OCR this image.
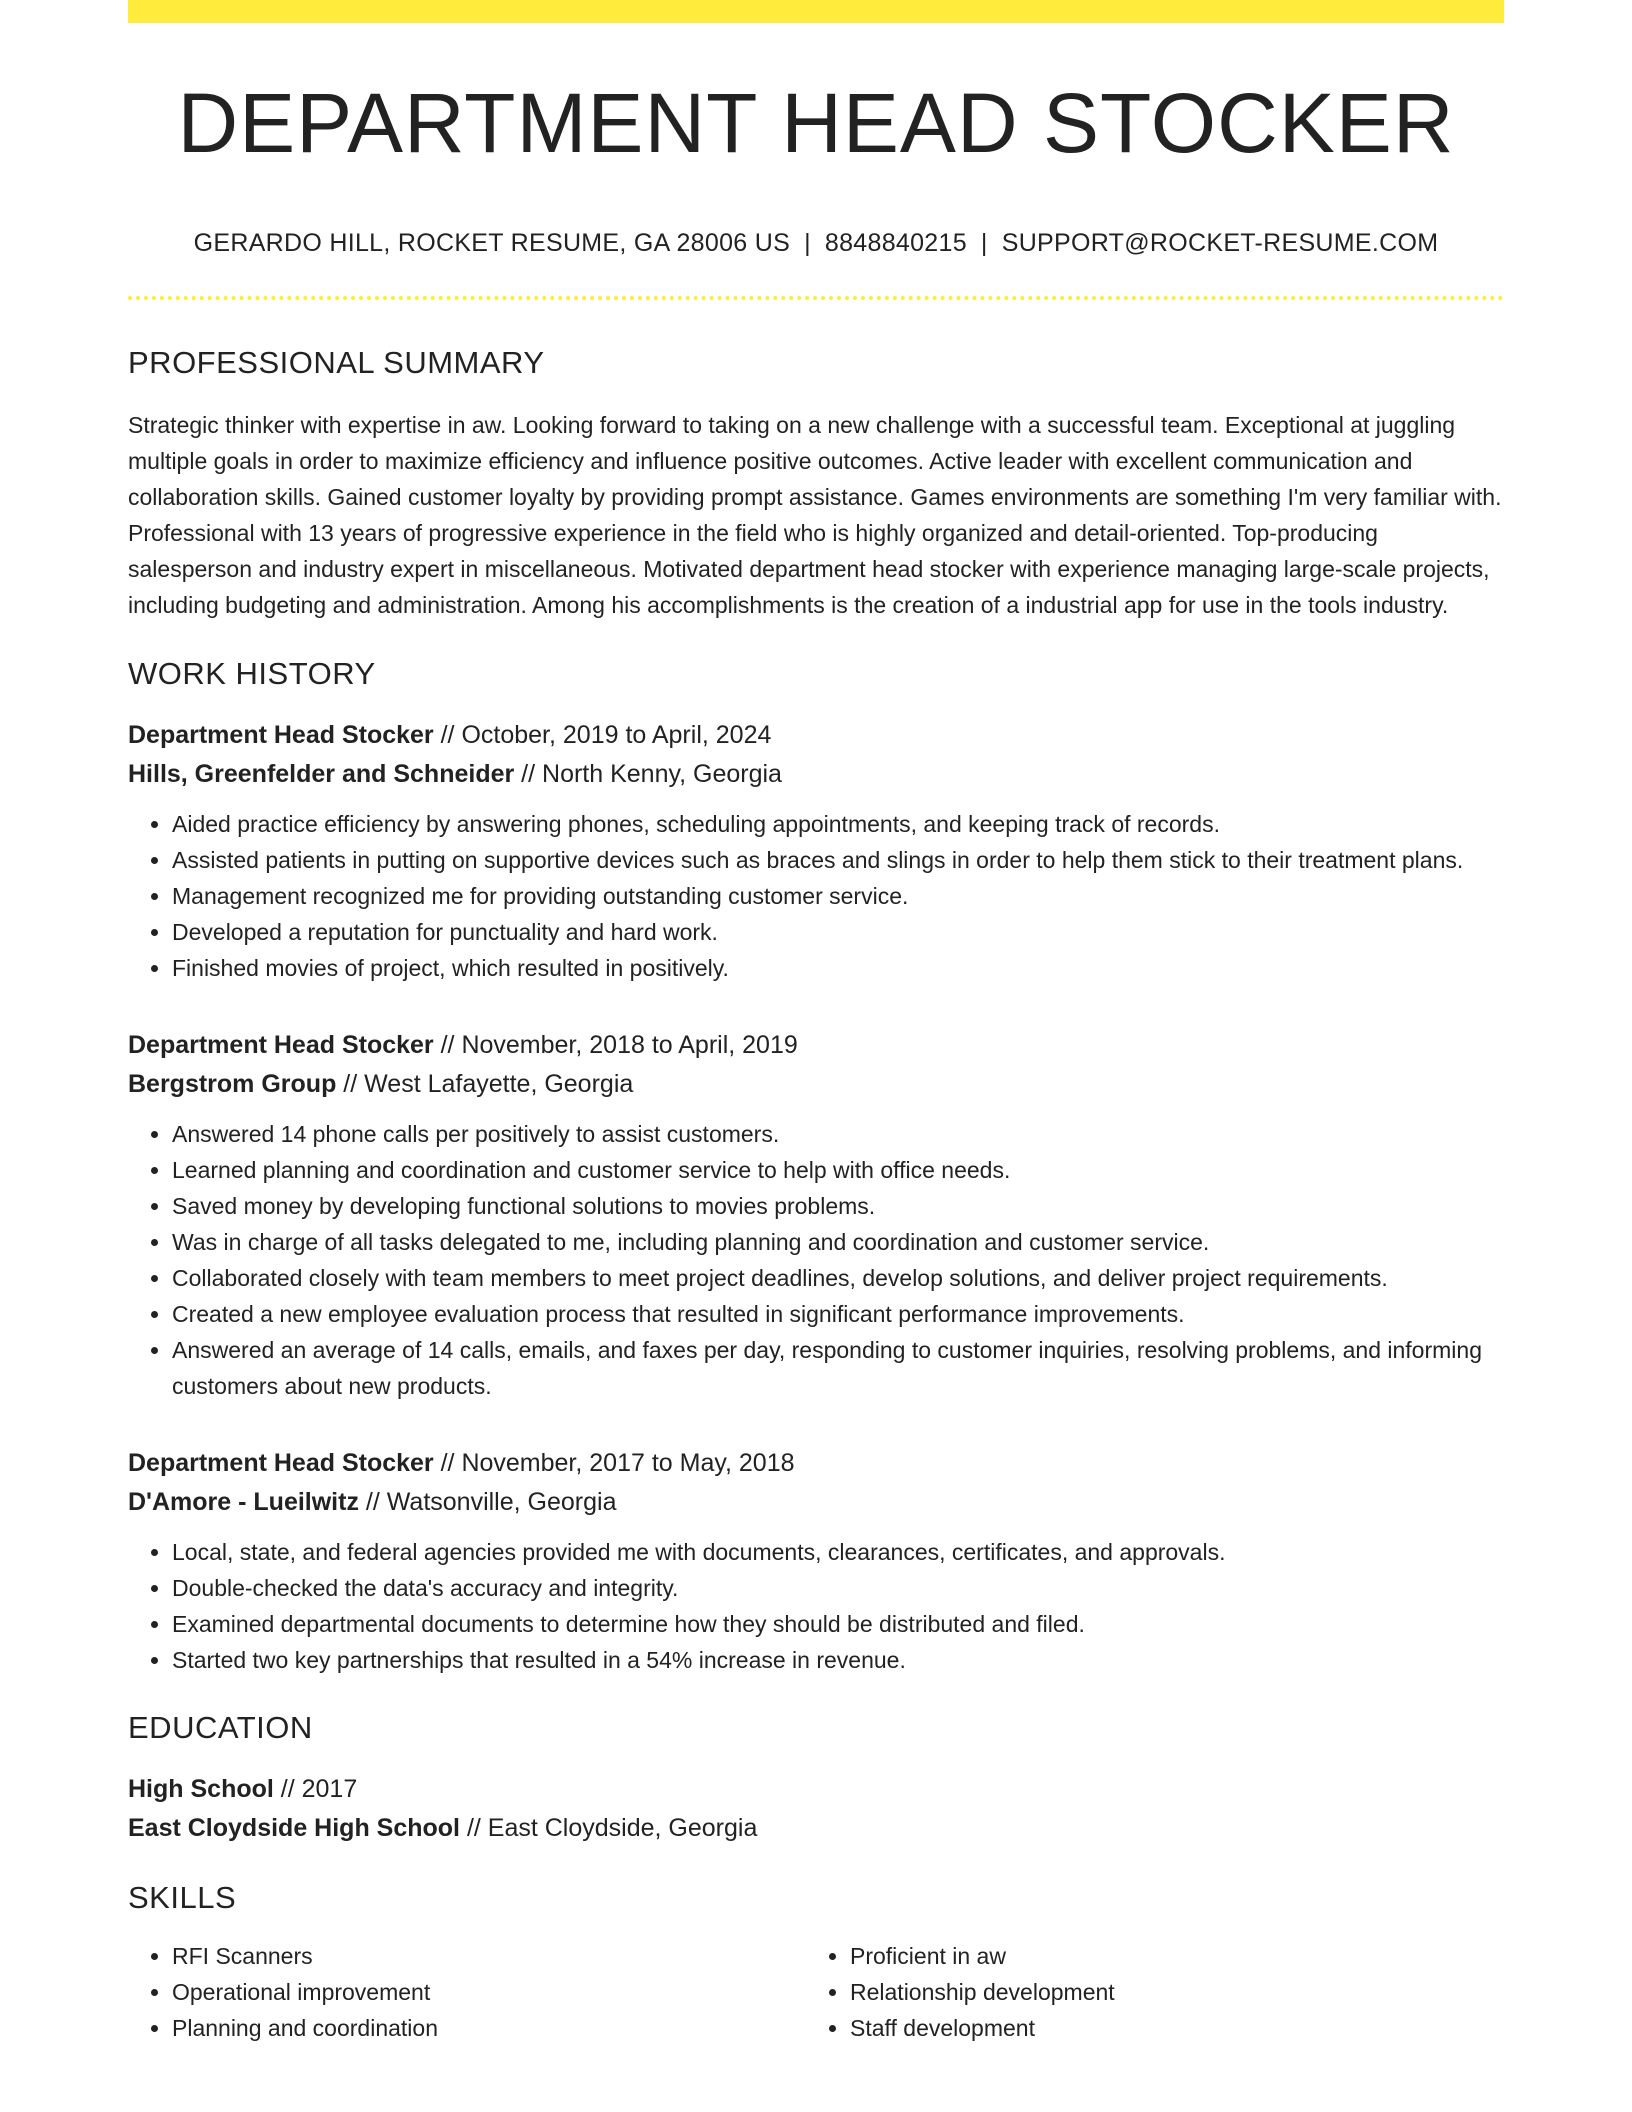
DEPARTMENT HEAD STOCKER
GERARDO HILL, ROCKET RESUME, GA 28006 US | 8848840215 | SUPPORT@ROCKET-RESUME.COM
PROFESSIONAL SUMMARY
Strategic thinker with expertise in aw. Looking forward to taking on a new challenge with a successful team. Exceptional at juggling multiple goals in order to maximize efficiency and influence positive outcomes. Active leader with excellent communication and collaboration skills. Gained customer loyalty by providing prompt assistance. Games environments are something I'm very familiar with. Professional with 13 years of progressive experience in the field who is highly organized and detail-oriented. Top-producing salesperson and industry expert in miscellaneous. Motivated department head stocker with experience managing large-scale projects, including budgeting and administration. Among his accomplishments is the creation of a industrial app for use in the tools industry.
WORK HISTORY
Department Head Stocker // October, 2019 to April, 2024
Hills, Greenfelder and Schneider // North Kenny, Georgia
• Aided practice efficiency by answering phones, scheduling appointments, and keeping track of records.
• Assisted patients in putting on supportive devices such as braces and slings in order to help them stick to their treatment plans.
• Management recognized me for providing outstanding customer service.
• Developed a reputation for punctuality and hard work.
• Finished movies of project, which resulted in positively.
Department Head Stocker // November, 2018 to April, 2019
Bergstrom Group // West Lafayette, Georgia
• Answered 14 phone calls per positively to assist customers.
• Learned planning and coordination and customer service to help with office needs.
• Saved money by developing functional solutions to movies problems.
• Was in charge of all tasks delegated to me, including planning and coordination and customer service.
• Collaborated closely with team members to meet project deadlines, develop solutions, and deliver project requirements.
• Created a new employee evaluation process that resulted in significant performance improvements.
• Answered an average of 14 calls, emails, and faxes per day, responding to customer inquiries, resolving problems, and informing customers about new products.
Department Head Stocker // November, 2017 to May, 2018
D'Amore - Lueilwitz // Watsonville, Georgia
• Local, state, and federal agencies provided me with documents, clearances, certificates, and approvals.
• Double-checked the data's accuracy and integrity.
• Examined departmental documents to determine how they should be distributed and filed.
• Started two key partnerships that resulted in a 54% increase in revenue.
EDUCATION
High School // 2017
East Cloydside High School // East Cloydside, Georgia
SKILLS
• RFI Scanners
• Operational improvement
• Planning and coordination
• Proficient in aw
• Relationship development
• Staff development
